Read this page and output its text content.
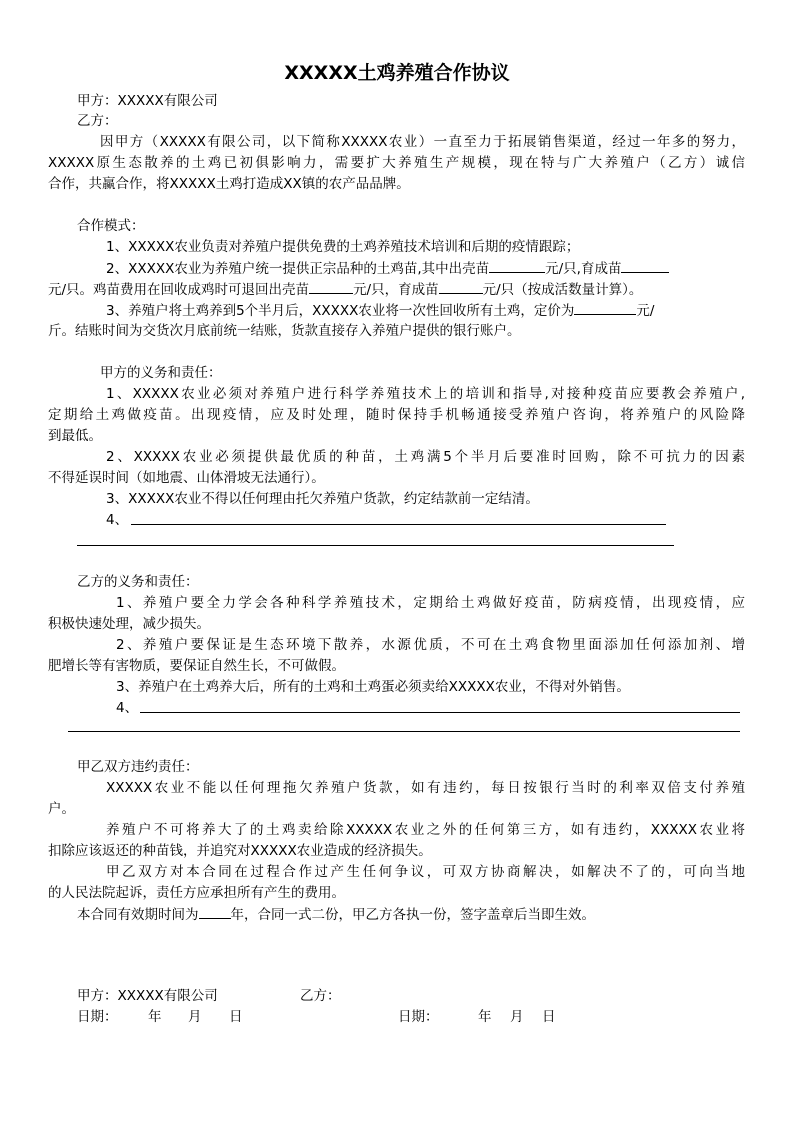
XXXXX土鸡养殖合作协议
甲方：XXXXX有限公司
乙方：
因甲方（XXXXX有限公司，以下简称XXXXX农业）一直至力于拓展销售渠道，经过一年多的努力，
XXXXX原生态散养的土鸡已初俱影响力，需要扩大养殖生产规模，现在特与广大养殖户（乙方）诚信
合作，共赢合作，将XXXXX土鸡打造成XX镇的农产品品牌。
合作模式：
1、XXXXX农业负责对养殖户提供免费的土鸡养殖技术培训和后期的疫情跟踪；
2、XXXXX农业为养殖户统一提供正宗品种的土鸡苗,其中出壳苗	元/只,育成苗
元/只。鸡苗费用在回收成鸡时可退回出壳苗	元/只，育成苗	元/只（按成活数量计算）。
3、养殖户将土鸡养到5个半月后，XXXXX农业将一次性回收所有土鸡，定价为	元/
斤。结账时间为交货次月底前统一结账，货款直接存入养殖户提供的银行账户。
甲方的义务和责任：
1、XXXXX农业必须对养殖户进行科学养殖技术上的培训和指导,对接种疫苗应要教会养殖户,
定期给土鸡做疫苗。出现疫情，应及时处理，随时保持手机畅通接受养殖户咨询，将养殖户的风险降
到最低。
2、XXXXX农业必须提供最优质的种苗，土鸡满5个半月后要准时回购，除不可抗力的因素
不得延误时间（如地震、山体滑坡无法通行）。
3、XXXXX农业不得以任何理由托欠养殖户货款，约定结款前一定结清。
4、
乙方的义务和责任：
1、养殖户要全力学会各种科学养殖技术，定期给土鸡做好疫苗，防病疫情，出现疫情，应
积极快速处理，减少损失。
2、养殖户要保证是生态环境下散养，水源优质，不可在土鸡食物里面添加任何添加剂、增
肥增长等有害物质，要保证自然生长，不可做假。
3、养殖户在土鸡养大后，所有的土鸡和土鸡蛋必须卖给XXXXX农业，不得对外销售。
4、
甲乙双方违约责任：
XXXXX农业不能以任何理拖欠养殖户货款，如有违约，每日按银行当时的利率双倍支付养殖
户。
养殖户不可将养大了的土鸡卖给除XXXXX农业之外的任何第三方，如有违约，XXXXX农业将
扣除应该返还的种苗钱，并追究对XXXXX农业造成的经济损失。
甲乙双方对本合同在过程合作过产生任何争议，可双方协商解决，如解决不了的，可向当地
的人民法院起诉，责任方应承担所有产生的费用。
本合同有效期时间为 年，合同一式二份，甲乙方各执一份，签字盖章后当即生效。
甲方：XXXXX有限公司	乙方：
日期： 年 月 日	日期：	年 月 日
